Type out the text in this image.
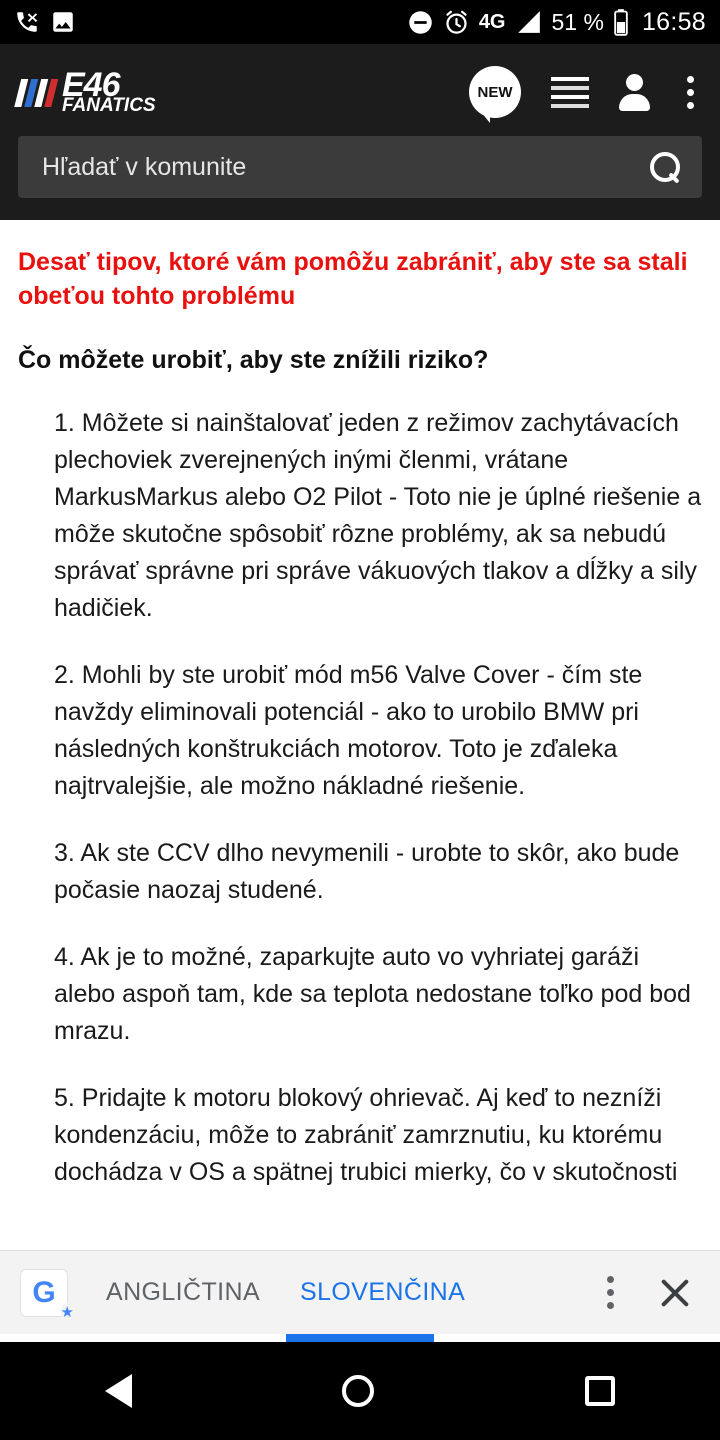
4G 51 % 16:58
E46
FANATICS
NEW
Hľadať v komunite
Desať tipov, ktoré vám pomôžu zabrániť, aby ste sa stali obeťou tohto problému
Čo môžete urobiť, aby ste znížili riziko?

1. Môžete si nainštalovať jeden z režimov zachytávacích plechoviek zverejnených inými členmi, vrátane MarkusMarkus alebo O2 Pilot - Toto nie je úplné riešenie a môže skutočne spôsobiť rôzne problémy, ak sa nebudú správať správne pri správe vákuových tlakov a dĺžky a sily hadičiek.

2. Mohli by ste urobiť mód m56 Valve Cover - čím ste navždy eliminovali potenciál - ako to urobilo BMW pri následných konštrukciách motorov. Toto je zďaleka najtrvalejšie, ale možno nákladné riešenie.

3. Ak ste CCV dlho nevymenili - urobte to skôr, ako bude počasie naozaj studené.

4. Ak je to možné, zaparkujte auto vo vyhriatej garáži alebo aspoň tam, kde sa teplota nedostane toľko pod bod mrazu.

5. Pridajte k motoru blokový ohrievač. Aj keď to nezníži kondenzáciu, môže to zabrániť zamrznutiu, ku ktorému dochádza v OS a spätnej trubici mierky, čo v skutočnosti

G
★ ANGLIČTINA SLOVENČINA
